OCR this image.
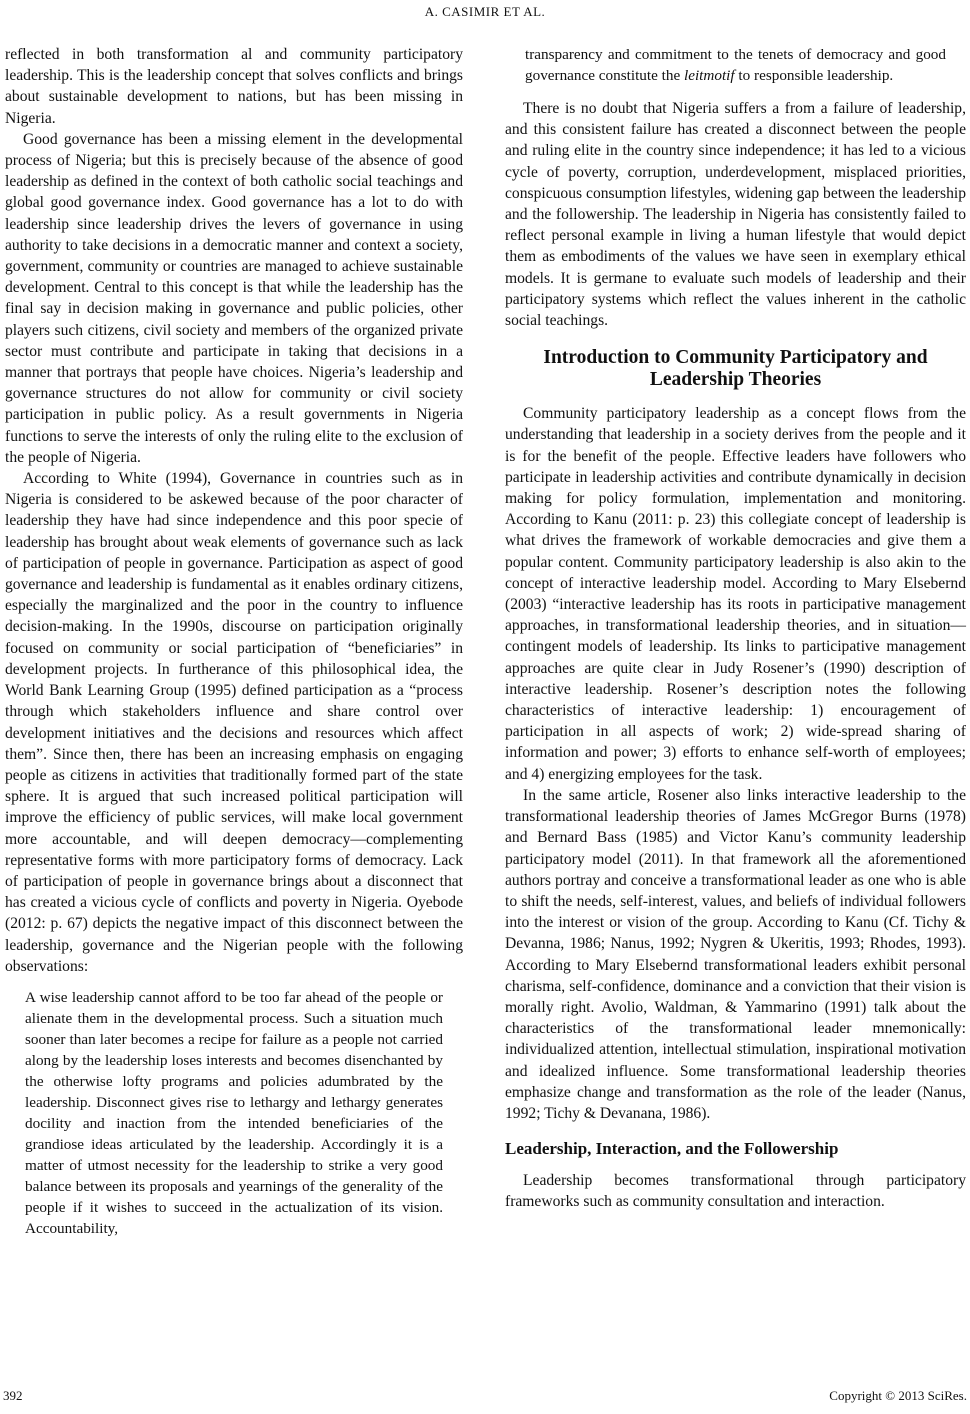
A. CASIMIR ET AL.

reflected in both transformation al and community participatory leadership. This is the leadership concept that solves conflicts and brings about sustainable development to nations, but has been missing in Nigeria.

Good governance has been a missing element in the developmental process of Nigeria; but this is precisely because of the absence of good leadership as defined in the context of both catholic social teachings and global good governance index. Good governance has a lot to do with leadership since leadership drives the levers of governance in using authority to take decisions in a democratic manner and context a society, government, community or countries are managed to achieve sustainable development. Central to this concept is that while the leadership has the final say in decision making in governance and public policies, other players such citizens, civil society and members of the organized private sector must contribute and participate in taking that decisions in a manner that portrays that people have choices. Nigeria’s leadership and governance structures do not allow for community or civil society participation in public policy. As a result governments in Nigeria functions to serve the interests of only the ruling elite to the exclusion of the people of Nigeria.

According to White (1994), Governance in countries such as in Nigeria is considered to be askewed because of the poor character of leadership they have had since independence and this poor specie of leadership has brought about weak elements of governance such as lack of participation of people in governance. Participation as aspect of good governance and leadership is fundamental as it enables ordinary citizens, especially the marginalized and the poor in the country to influence decision-making. In the 1990s, discourse on participation originally focused on community or social participation of “beneficiaries” in development projects. In furtherance of this philosophical idea, the World Bank Learning Group (1995) defined participation as a “process through which stakeholders influence and share control over development initiatives and the decisions and resources which affect them”. Since then, there has been an increasing emphasis on engaging people as citizens in activities that traditionally formed part of the state sphere. It is argued that such increased political participation will improve the efficiency of public services, will make local government more accountable, and will deepen democracy—complementing representative forms with more participatory forms of democracy. Lack of participation of people in governance brings about a disconnect that has created a vicious cycle of conflicts and poverty in Nigeria. Oyebode (2012: p. 67) depicts the negative impact of this disconnect between the leadership, governance and the Nigerian people with the following observations:

A wise leadership cannot afford to be too far ahead of the people or alienate them in the developmental process. Such a situation much sooner than later becomes a recipe for failure as a people not carried along by the leadership loses interests and becomes disenchanted by the otherwise lofty programs and policies adumbrated by the leadership. Disconnect gives rise to lethargy and lethargy generates docility and inaction from the intended beneficiaries of the grandiose ideas articulated by the leadership. Accordingly it is a matter of utmost necessity for the leadership to strike a very good balance between its proposals and yearnings of the generality of the people if it wishes to succeed in the actualization of its vision. Accountability,
transparency and commitment to the tenets of democracy and good governance constitute the leitmotif to responsible leadership.

There is no doubt that Nigeria suffers a from a failure of leadership, and this consistent failure has created a disconnect between the people and ruling elite in the country since independence; it has led to a vicious cycle of poverty, corruption, underdevelopment, misplaced priorities, conspicuous consumption lifestyles, widening gap between the leadership and the followership. The leadership in Nigeria has consistently failed to reflect personal example in living a human lifestyle that would depict them as embodiments of the values we have seen in exemplary ethical models. It is germane to evaluate such models of leadership and their participatory systems which reflect the values inherent in the catholic social teachings.

Introduction to Community Participatory and Leadership Theories

Community participatory leadership as a concept flows from the understanding that leadership in a society derives from the people and it is for the benefit of the people. Effective leaders have followers who participate in leadership activities and contribute dynamically in decision making for policy formulation, implementation and monitoring. According to Kanu (2011: p. 23) this collegiate concept of leadership is what drives the framework of workable democracies and give them a popular content. Community participatory leadership is also akin to the concept of interactive leadership model. According to Mary Elsebernd (2003) “interactive leadership has its roots in participative management approaches, in transformational leadership theories, and in situation—contingent models of leadership. Its links to participative management approaches are quite clear in Judy Rosener’s (1990) description of interactive leadership. Rosener’s description notes the following characteristics of interactive leadership: 1) encouragement of participation in all aspects of work; 2) wide-spread sharing of information and power; 3) efforts to enhance self-worth of employees; and 4) energizing employees for the task.

In the same article, Rosener also links interactive leadership to the transformational leadership theories of James McGregor Burns (1978) and Bernard Bass (1985) and Victor Kanu’s community leadership participatory model (2011). In that framework all the aforementioned authors portray and conceive a transformational leader as one who is able to shift the needs, self-interest, values, and beliefs of individual followers into the interest or vision of the group. According to Kanu (Cf. Tichy & Devanna, 1986; Nanus, 1992; Nygren & Ukeritis, 1993; Rhodes, 1993). According to Mary Elsebernd transformational leaders exhibit personal charisma, self-confidence, dominance and a conviction that their vision is morally right. Avolio, Waldman, & Yammarino (1991) talk about the characteristics of the transformational leader mnemonically: individualized attention, intellectual stimulation, inspirational motivation and idealized influence. Some transformational leadership theories emphasize change and transformation as the role of the leader (Nanus, 1992; Tichy & Devanana, 1986).

Leadership, Interaction, and the Followership

Leadership becomes transformational through participatory frameworks such as community consultation and interaction.

392	Copyright © 2013 SciRes.
